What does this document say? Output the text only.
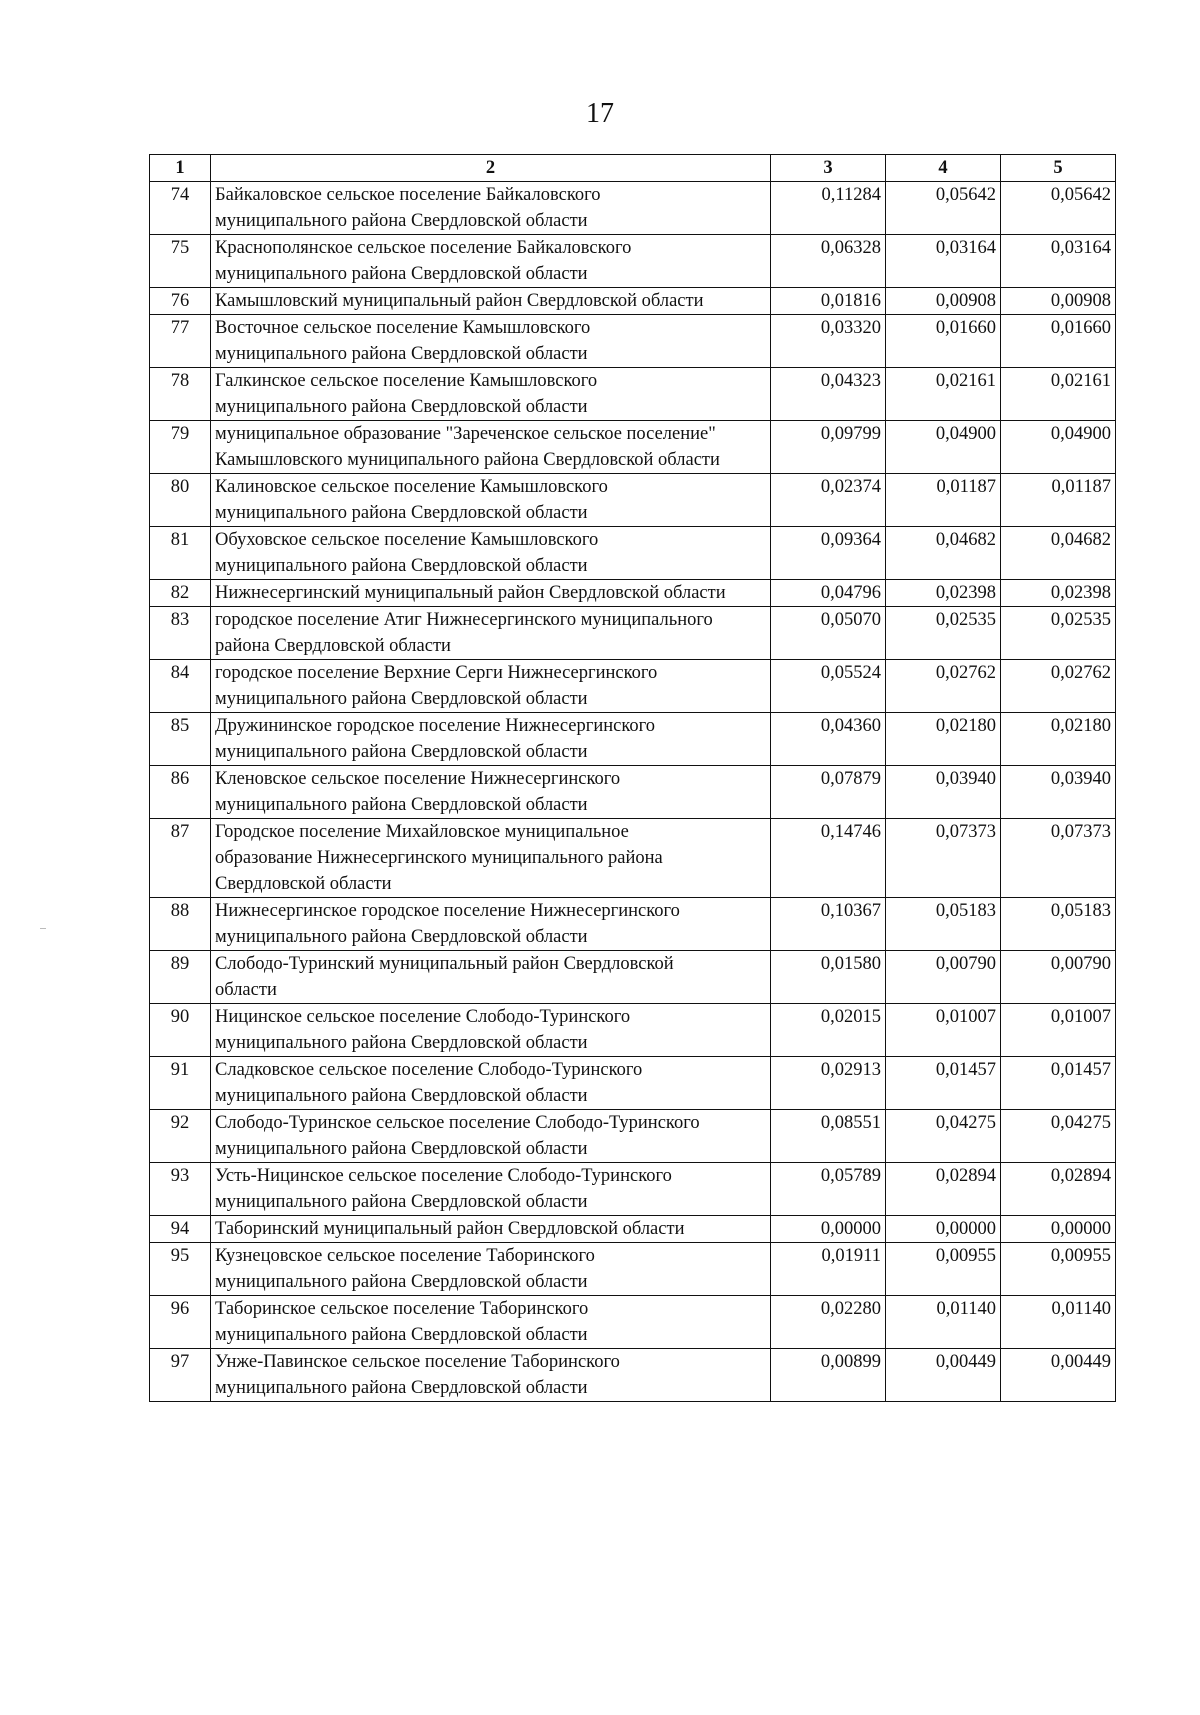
17
1	2	3	4	5
74	Байкаловское сельское поселение Байкаловского
муниципального района Свердловской области	0,11284	0,05642	0,05642
75	Краснополянское сельское поселение Байкаловского
муниципального района Свердловской области	0,06328	0,03164	0,03164
76	Камышловский муниципальный район Свердловской области	0,01816	0,00908	0,00908
77	Восточное сельское поселение Камышловского
муниципального района Свердловской области	0,03320	0,01660	0,01660
78	Галкинское сельское поселение Камышловского
муниципального района Свердловской области	0,04323	0,02161	0,02161
79	муниципальное образование "Зареченское сельское поселение"
Камышловского муниципального района Свердловской области	0,09799	0,04900	0,04900
80	Калиновское сельское поселение Камышловского
муниципального района Свердловской области	0,02374	0,01187	0,01187
81	Обуховское сельское поселение Камышловского
муниципального района Свердловской области	0,09364	0,04682	0,04682
82	Нижнесергинский муниципальный район Свердловской области	0,04796	0,02398	0,02398
83	городское поселение Атиг Нижнесергинского муниципального
района Свердловской области	0,05070	0,02535	0,02535
84	городское поселение Верхние Серги Нижнесергинского
муниципального района Свердловской области	0,05524	0,02762	0,02762
85	Дружининское городское поселение Нижнесергинского
муниципального района Свердловской области	0,04360	0,02180	0,02180
86	Кленовское сельское поселение Нижнесергинского
муниципального района Свердловской области	0,07879	0,03940	0,03940
87	Городское поселение Михайловское муниципальное
образование Нижнесергинского муниципального района
Свердловской области	0,14746	0,07373	0,07373
88	Нижнесергинское городское поселение Нижнесергинского
муниципального района Свердловской области	0,10367	0,05183	0,05183
89	Слободо-Туринский муниципальный район Свердловской
области	0,01580	0,00790	0,00790
90	Ницинское сельское поселение Слободо-Туринского
муниципального района Свердловской области	0,02015	0,01007	0,01007
91	Сладковское сельское поселение Слободо-Туринского
муниципального района Свердловской области	0,02913	0,01457	0,01457
92	Слободо-Туринское сельское поселение Слободо-Туринского
муниципального района Свердловской области	0,08551	0,04275	0,04275
93	Усть-Ницинское сельское поселение Слободо-Туринского
муниципального района Свердловской области	0,05789	0,02894	0,02894
94	Таборинский муниципальный район Свердловской области	0,00000	0,00000	0,00000
95	Кузнецовское сельское поселение Таборинского
муниципального района Свердловской области	0,01911	0,00955	0,00955
96	Таборинское сельское поселение Таборинского
муниципального района Свердловской области	0,02280	0,01140	0,01140
97	Унже-Павинское сельское поселение Таборинского
муниципального района Свердловской области	0,00899	0,00449	0,00449
